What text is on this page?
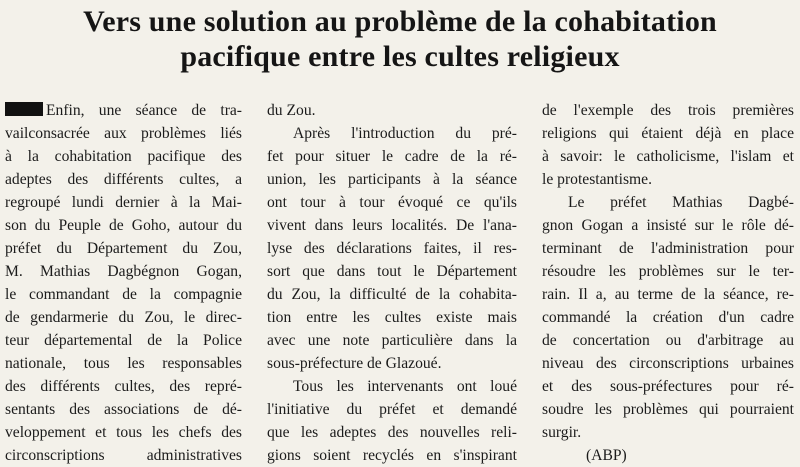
Vers une solution au problème de la cohabitation
pacifique entre les cultes religieux
Enfin, une séance de tra-
vailconsacrée aux problèmes liés
à la cohabitation pacifique des
adeptes des différents cultes, a
regroupé lundi dernier à la Mai-
son du Peuple de Goho, autour du
préfet du Département du Zou,
M. Mathias Dagbégnon Gogan,
le commandant de la compagnie
de gendarmerie du Zou, le direc-
teur départemental de la Police
nationale, tous les responsables
des différents cultes, des repré-
sentants des associations de dé-
veloppement et tous les chefs des
circonscriptions administratives
du Zou.
Après l'introduction du pré-
fet pour situer le cadre de la ré-
union, les participants à la séance
ont tour à tour évoqué ce qu'ils
vivent dans leurs localités. De l'ana-
lyse des déclarations faites, il res-
sort que dans tout le Département
du Zou, la difficulté de la cohabita-
tion entre les cultes existe mais
avec une note particulière dans la
sous-préfecture de Glazoué.
Tous les intervenants ont loué
l'initiative du préfet et demandé
que les adeptes des nouvelles reli-
gions soient recyclés en s'inspirant
de l'exemple des trois premières
religions qui étaient déjà en place
à savoir: le catholicisme, l'islam et
le protestantisme.
Le préfet Mathias Dagbé-
gnon Gogan a insisté sur le rôle dé-
terminant de l'administration pour
résoudre les problèmes sur le ter-
rain. Il a, au terme de la séance, re-
commandé la création d'un cadre
de concertation ou d'arbitrage au
niveau des circonscriptions urbaines
et des sous-préfectures pour ré-
soudre les problèmes qui pourraient
surgir.
(ABP)
